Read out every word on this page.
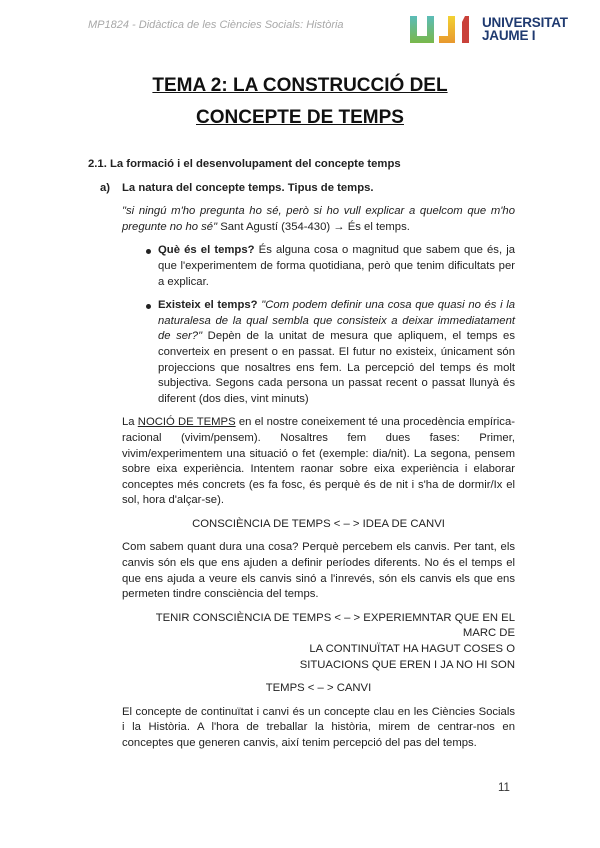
MP1824 - Didàctica de les Ciències Socials: Història	UNIVERSITAT
JAUME I
TEMA 2: LA CONSTRUCCIÓ DEL
CONCEPTE DE TEMPS
2.1. La formació i el desenvolupament del concepte temps
a) La natura del concepte temps. Tipus de temps.
"si ningú m'ho pregunta ho sé, però si ho vull explicar a quelcom que m'ho pregunte no ho sé" Sant Agustí (354-430) → És el temps.
Què és el temps? És alguna cosa o magnitud que sabem que és, ja que l'experimentem de forma quotidiana, però que tenim dificultats per a explicar.
Existeix el temps? "Com podem definir una cosa que quasi no és i la naturalesa de la qual sembla que consisteix a deixar immediatament de ser?" Depèn de la unitat de mesura que apliquem, el temps es converteix en present o en passat. El futur no existeix, únicament són projeccions que nosaltres ens fem. La percepció del temps és molt subjectiva. Segons cada persona un passat recent o passat llunyà és diferent (dos dies, vint minuts)
La NOCIÓ DE TEMPS en el nostre coneixement té una procedència empírica-racional (vivim/pensem). Nosaltres fem dues fases: Primer, vivim/experimentem una situació o fet (exemple: dia/nit). La segona, pensem sobre eixa experiència. Intentem raonar sobre eixa experiència i elaborar conceptes més concrets (es fa fosc, és perquè és de nit i s'ha de dormir/Ix el sol, hora d'alçar-se).
CONSCIÈNCIA DE TEMPS < – > IDEA DE CANVI
Com sabem quant dura una cosa? Perquè percebem els canvis. Per tant, els canvis són els que ens ajuden a definir períodes diferents. No és el temps el que ens ajuda a veure els canvis sinó a l'inrevés, són els canvis els que ens permeten tindre consciència del temps.
TENIR CONSCIÈNCIA DE TEMPS < – > EXPERIEMNTAR QUE EN EL MARC DE
LA CONTINUÏTAT HA HAGUT COSES O
SITUACIONS QUE EREN I JA NO HI SON
TEMPS < – > CANVI
El concepte de continuïtat i canvi és un concepte clau en les Ciències Socials i la Història. A l'hora de treballar la història, mirem de centrar-nos en conceptes que generen canvis, així tenim percepció del pas del temps.
11
